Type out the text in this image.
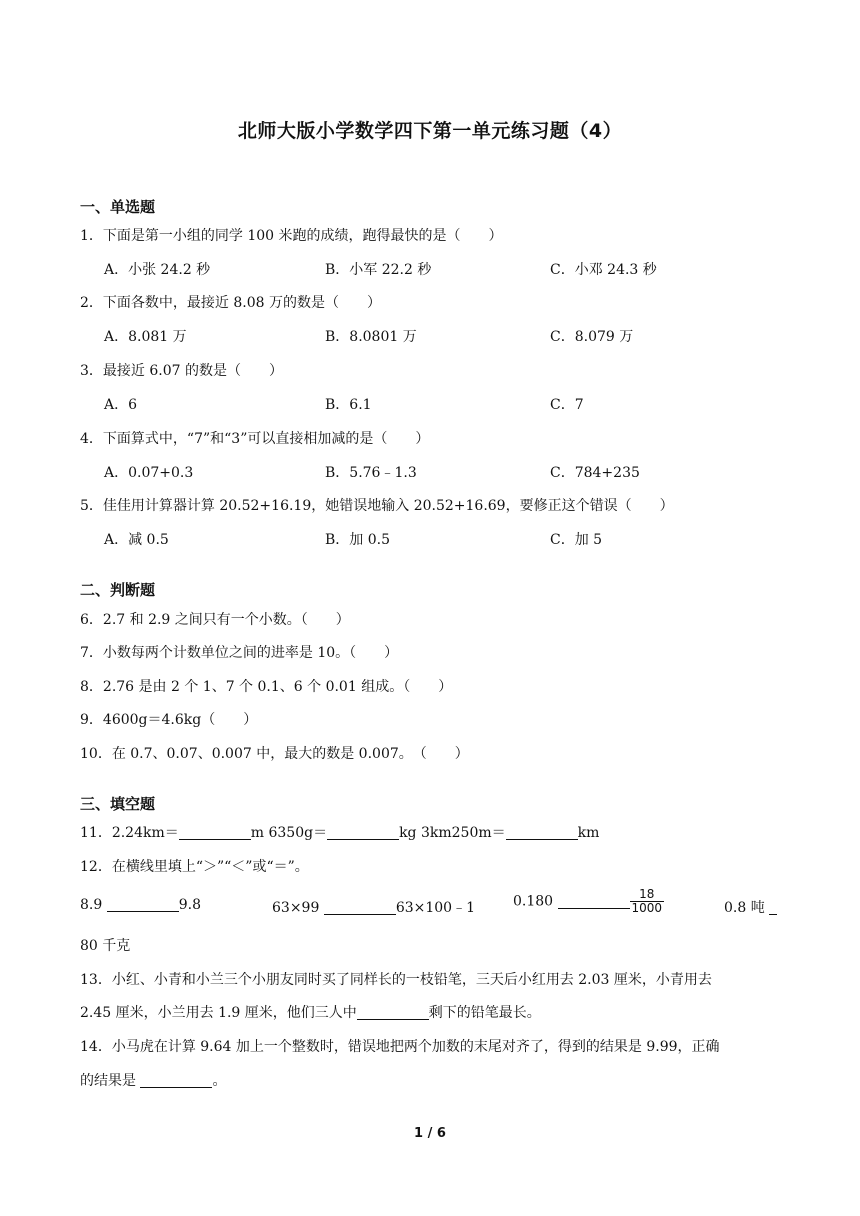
北师大版小学数学四下第一单元练习题（4）
一、单选题
1．下面是第一小组的同学 100 米跑的成绩，跑得最快的是（　　）
A．小张 24.2 秒	B．小军 22.2 秒	C．小邓 24.3 秒
2．下面各数中，最接近 8.08 万的数是（　　）
A．8.081 万	B．8.0801 万	C．8.079 万
3．最接近 6.07 的数是（　　）
A．6	B．6.1	C．7
4．下面算式中，“7”和“3”可以直接相加减的是（　　）
A．0.07+0.3	B．5.76﹣1.3	C．784+235
5．佳佳用计算器计算 20.52+16.19，她错误地输入 20.52+16.69，要修正这个错误（　　）
A．减 0.5	B．加 0.5	C．加 5
二、判断题
6．2.7 和 2.9 之间只有一个小数。（　　）
7．小数每两个计数单位之间的进率是 10。（　　）
8．2.76 是由 2 个 1、7 个 0.1、6 个 0.01 组成。（　　）
9．4600g＝4.6kg（　　）
10．在 0.7、0.07、0.007 中，最大的数是 0.007。　（　　）
三、填空题
11．2.24km＝	m 6350g＝	kg 3km250m＝	km
12．在横线里填上“＞”“＜”或“＝”。
8.9	9.8	63×99	63×100﹣1	0.180	$\frac{18}{1000}$	0.8 吨
80 千克
13．小红、小青和小兰三个小朋友同时买了同样长的一枝铅笔，三天后小红用去 2.03 厘米，小青用去
2.45 厘米，小兰用去 1.9 厘米，他们三人中	剩下的铅笔最长。
14．小马虎在计算 9.64 加上一个整数时，错误地把两个加数的末尾对齐了，得到的结果是 9.99，正确
的结果是	。
1 / 6
